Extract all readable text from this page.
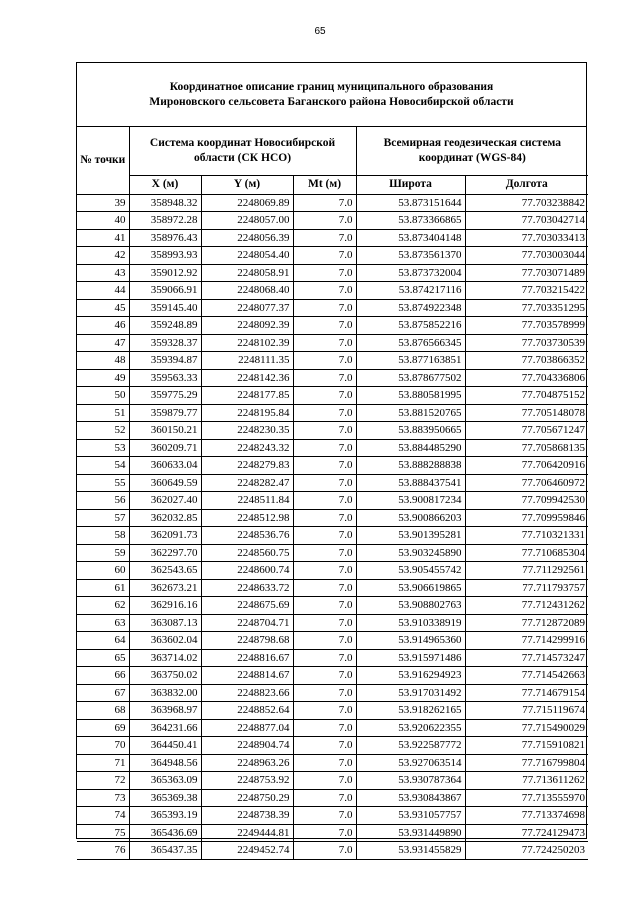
65
Координатное описание границ муниципального образования
Мироновского сельсовета Баганского района Новосибирской области
№ точки	Система координат Новосибирской области (СК НСО)			Всемирная геодезическая система координат (WGS-84)	
	X (м)	Y (м)	Mt (м)	Широта	Долгота
39	358948.32	2248069.89	7.0	53.873151644	77.703238842
40	358972.28	2248057.00	7.0	53.873366865	77.703042714
41	358976.43	2248056.39	7.0	53.873404148	77.703033413
42	358993.93	2248054.40	7.0	53.873561370	77.703003044
43	359012.92	2248058.91	7.0	53.873732004	77.703071489
44	359066.91	2248068.40	7.0	53.874217116	77.703215422
45	359145.40	2248077.37	7.0	53.874922348	77.703351295
46	359248.89	2248092.39	7.0	53.875852216	77.703578999
47	359328.37	2248102.39	7.0	53.876566345	77.703730539
48	359394.87	2248111.35	7.0	53.877163851	77.703866352
49	359563.33	2248142.36	7.0	53.878677502	77.704336806
50	359775.29	2248177.85	7.0	53.880581995	77.704875152
51	359879.77	2248195.84	7.0	53.881520765	77.705148078
52	360150.21	2248230.35	7.0	53.883950665	77.705671247
53	360209.71	2248243.32	7.0	53.884485290	77.705868135
54	360633.04	2248279.83	7.0	53.888288838	77.706420916
55	360649.59	2248282.47	7.0	53.888437541	77.706460972
56	362027.40	2248511.84	7.0	53.900817234	77.709942530
57	362032.85	2248512.98	7.0	53.900866203	77.709959846
58	362091.73	2248536.76	7.0	53.901395281	77.710321331
59	362297.70	2248560.75	7.0	53.903245890	77.710685304
60	362543.65	2248600.74	7.0	53.905455742	77.711292561
61	362673.21	2248633.72	7.0	53.906619865	77.711793757
62	362916.16	2248675.69	7.0	53.908802763	77.712431262
63	363087.13	2248704.71	7.0	53.910338919	77.712872089
64	363602.04	2248798.68	7.0	53.914965360	77.714299916
65	363714.02	2248816.67	7.0	53.915971486	77.714573247
66	363750.02	2248814.67	7.0	53.916294923	77.714542663
67	363832.00	2248823.66	7.0	53.917031492	77.714679154
68	363968.97	2248852.64	7.0	53.918262165	77.715119674
69	364231.66	2248877.04	7.0	53.920622355	77.715490029
70	364450.41	2248904.74	7.0	53.922587772	77.715910821
71	364948.56	2248963.26	7.0	53.927063514	77.716799804
72	365363.09	2248753.92	7.0	53.930787364	77.713611262
73	365369.38	2248750.29	7.0	53.930843867	77.713555970
74	365393.19	2248738.39	7.0	53.931057757	77.713374698
75	365436.69	2249444.81	7.0	53.931449890	77.724129473
76	365437.35	2249452.74	7.0	53.931455829	77.724250203
